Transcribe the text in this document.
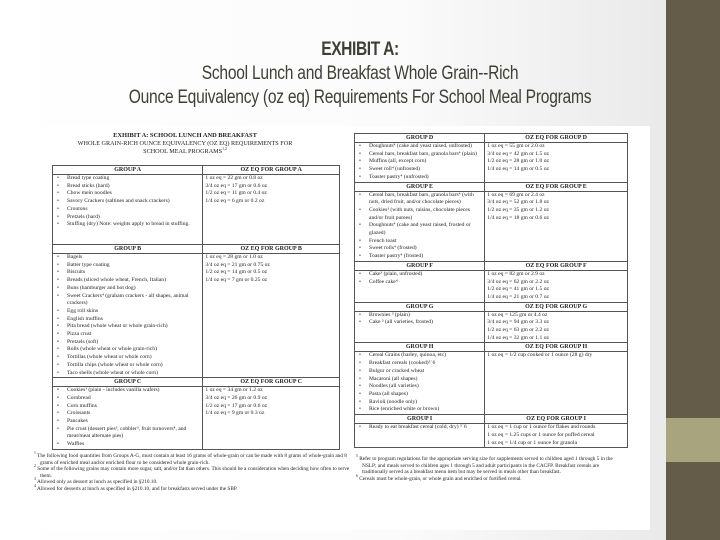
EXHIBIT A:
School Lunch and Breakfast Whole Grain--Rich
Ounce Equivalency (oz eq) Requirements For School Meal Programs
EXHIBIT A: SCHOOL LUNCH AND BREAKFAST
WHOLE GRAIN-RICH OUNCE EQUIVALENCY (OZ EQ) REQUIREMENTS FOR
SCHOOL MEAL PROGRAMS$^{1,2}$
GROUP A	OZ EQ FOR GROUP A

• Bread type coating
• Bread sticks (hard)
• Chow mein noodles
• Savory Crackers (saltines and snack crackers)
• Croutons
• Pretzels (hard)
• Stuffing (dry) Note: weights apply to bread in stuffing.

1 oz eq = 22 gm or 0.8 oz
3/4 oz eq = 17 gm or 0.6 oz
1/2 oz eq = 11 gm or 0.4 oz
1/4 oz eq = 6 gm or 0.2 oz

GROUP B	OZ EQ FOR GROUP B

• Bagels
• Batter type coating
• Biscuits
• Breads (sliced whole wheat, French, Italian)
• Buns (hamburger and hot dog)
• Sweet Crackers⁴ (graham crackers - all shapes, animal crackers)
• Egg roll skins
• English muffins
• Pita bread (whole wheat or whole grain-rich)
• Pizza crust
• Pretzels (soft)
• Rolls (whole wheat or whole grain-rich)
• Tortillas (whole wheat or whole corn)
• Tortilla chips (whole wheat or whole corn)
• Taco shells (whole wheat or whole corn)

1 oz eq = 28 gm or 1.0 oz
3/4 oz eq = 21 gm or 0.75 oz
1/2 oz eq = 14 gm or 0.5 oz
1/4 oz eq = 7 gm or 0.25 oz

GROUP C	OZ EQ FOR GROUP C

• Cookies³ (plain - includes vanilla wafers)
• Cornbread
• Corn muffins
• Croissants
• Pancakes
• Pie crust (dessert pies³, cobbler³, fruit turnovers⁴, and meat/meat alternate pies)
• Waffles

1 oz eq = 34 gm or 1.2 oz
3/4 oz eq = 26 gm or 0.9 oz
1/2 oz eq = 17 gm or 0.6 oz
1/4 oz eq = 9 gm or 0.3 oz

$^1$ The following food quantities from Groups A-G, must contain at least 16 grams of whole-grain or can be made with 8 grams of whole-grain and 8 grams of enriched meal and/or enriched flour to be considered whole grain-rich.

$^2$ Some of the following grains may contain more sugar, salt, and/or fat than others. This should be a consideration when deciding how often to serve them.

$^3$ Allowed only as dessert at lunch as specified in §210.10.

$^4$ Allowed for desserts at lunch as specified in §210.10, and for breakfasts served under the SBP.

GROUP D	OZ EQ FOR GROUP D

• Doughnuts⁴ (cake and yeast raised, unfrosted)
• Cereal bars, breakfast bars, granola bars⁴ (plain)
• Muffins (all, except corn)
• Sweet roll⁴ (unfrosted)
• Toaster pastry⁴ (unfrosted)

1 oz eq = 55 gm or 2.0 oz
3/4 oz eq = 42 gm or 1.5 oz
1/2 oz eq = 28 gm or 1.0 oz
1/4 oz eq = 14 gm or 0.5 oz

GROUP E	OZ EQ FOR GROUP E

• Cereal bars, breakfast bars, granola bars⁴ (with nuts, dried fruit, and/or chocolate pieces)
• Cookies³ (with nuts, raisins, chocolate pieces and/or fruit purees)
• Doughnuts⁴ (cake and yeast raised, frosted or glazed)
• French toast
• Sweet rolls⁴ (frosted)
• Toaster pastry⁴ (frosted)

1 oz eq = 69 gm or 2.4 oz
3/4 oz eq = 52 gm or 1.8 oz
1/2 oz eq = 35 gm or 1.2 oz
1/4 oz eq = 18 gm or 0.6 oz

GROUP F	OZ EQ FOR GROUP F

• Cake³ (plain, unfrosted)
• Coffee cake⁴

1 oz eq = 82 gm or 2.9 oz
3/4 oz eq = 62 gm or 2.2 oz
1/2 oz eq = 41 gm or 1.5 oz
1/4 oz eq = 21 gm or 0.7 oz

GROUP G	OZ EQ FOR GROUP G

• Brownies ³ (plain)
• Cake ³ (all varieties, frosted)

1 oz eq = 125 gm or 4.4 oz
3/4 oz eq = 94 gm or 3.3 oz
1/2 oz eq = 63 gm or 2.2 oz
1/4 oz eq = 32 gm or 1.1 oz

GROUP H	OZ EQ FOR GROUP H

• Cereal Grains (barley, quinoa, etc)
• Breakfast cereals (cooked)⁵˙6
• Bulgur or cracked wheat
• Macaroni (all shapes)
• Noodles (all varieties)
• Pasta (all shapes)
• Ravioli (noodle only)
• Rice (enriched white or brown)

1 oz eq = 1/2 cup cooked or 1 ounce (28 g) dry

GROUP I	OZ EQ FOR GROUP I

• Ready to eat breakfast cereal (cold, dry) ⁵˙6	1 oz eq = 1 cup or 1 ounce for flakes and rounds
1 oz eq = 1.25 cups or 1 ounce for puffed cereal
1 oz eq = 1/4 cup or 1 ounce for granola

$^5$ Refer to program regulations for the appropriate serving size for supplements served to children aged 1 through 5 in the NSLP; and meals served to children ages 1 through 5 and adult participants in the CACFP. Breakfast cereals are traditionally served as a breakfast menu item but may be served in meals other than breakfast.

$^6$ Cereals must be whole-grain, or whole grain and enriched or fortified cereal.
